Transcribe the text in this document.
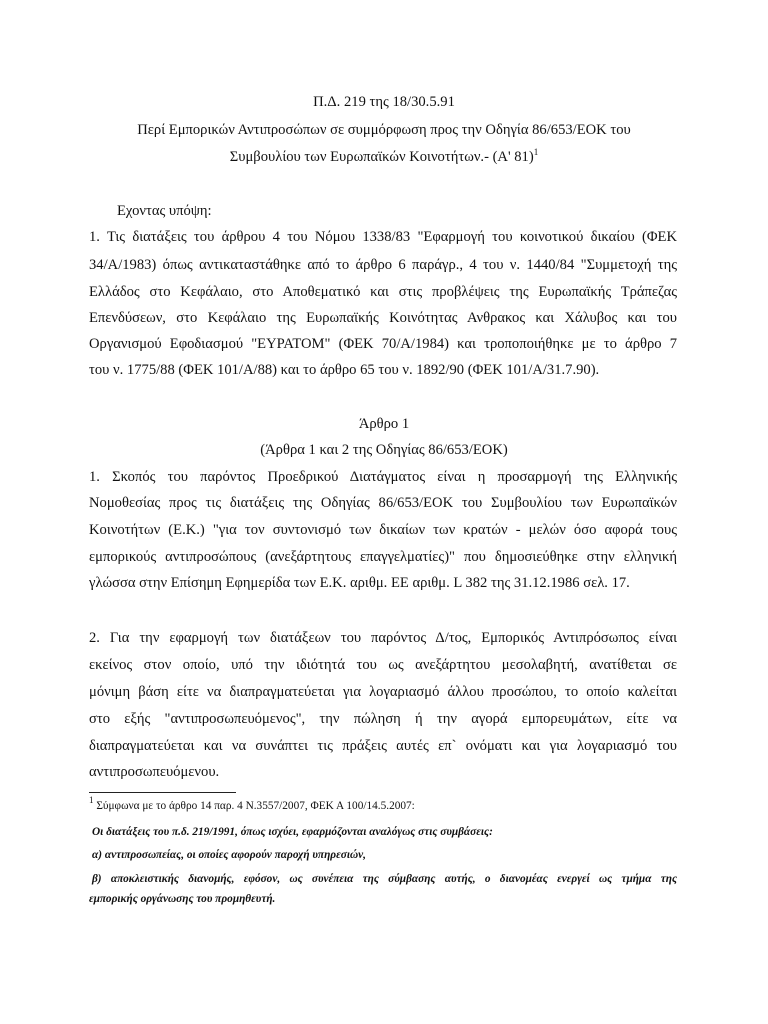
Π.Δ. 219 της 18/30.5.91
Περί Εμπορικών Αντιπροσώπων σε συμμόρφωση προς την Οδηγία 86/653/ΕΟΚ του
Συμβουλίου των Ευρωπαϊκών Κοινοτήτων.- (Α' 81)$^1$
Εχοντας υπόψη:
1. Τις διατάξεις του άρθρου 4 του Νόμου 1338/83 "Εφαρμογή του κοινοτικού δικαίου (ΦΕΚ
34/Α/1983) όπως αντικαταστάθηκε από το άρθρο 6 παράγρ., 4 του ν. 1440/84 "Συμμετοχή της
Ελλάδος στο Κεφάλαιο, στο Αποθεματικό και στις προβλέψεις της Ευρωπαϊκής Τράπεζας
Επενδύσεων, στο Κεφάλαιο της Ευρωπαϊκής Κοινότητας Ανθρακος και Χάλυβος και του
Οργανισμού Εφοδιασμού "ΕΥΡΑΤΟΜ" (ΦΕΚ 70/Α/1984) και τροποποιήθηκε με το άρθρο 7
του ν. 1775/88 (ΦΕΚ 101/Α/88) και το άρθρο 65 του ν. 1892/90 (ΦΕΚ 101/Α/31.7.90).
Άρθρο 1
(Άρθρα 1 και 2 της Οδηγίας 86/653/ΕΟΚ)
1. Σκοπός του παρόντος Προεδρικού Διατάγματος είναι η προσαρμογή της Ελληνικής
Νομοθεσίας προς τις διατάξεις της Οδηγίας 86/653/ΕΟΚ του Συμβουλίου των Ευρωπαϊκών
Κοινοτήτων (Ε.Κ.) "για τον συντονισμό των δικαίων των κρατών - μελών όσο αφορά τους
εμπορικούς αντιπροσώπους (ανεξάρτητους επαγγελματίες)" που δημοσιεύθηκε στην ελληνική
γλώσσα στην Επίσημη Εφημερίδα των Ε.Κ. αριθμ. ΕΕ αριθμ. L 382 της 31.12.1986 σελ. 17.
2. Για την εφαρμογή των διατάξεων του παρόντος Δ/τος, Εμπορικός Αντιπρόσωπος είναι
εκείνος στον οποίο, υπό την ιδιότητά του ως ανεξάρτητου μεσολαβητή, ανατίθεται σε
μόνιμη βάση είτε να διαπραγματεύεται για λογαριασμό άλλου προσώπου, το οποίο καλείται
στο εξής "αντιπροσωπευόμενος", την πώληση ή την αγορά εμπορευμάτων, είτε να
διαπραγματεύεται και να συνάπτει τις πράξεις αυτές επ` ονόματι και για λογαριασμό του
αντιπροσωπευόμενου.
$^1$ Σύμφωνα με το άρθρο 14 παρ. 4 Ν.3557/2007, ΦΕΚ Α 100/14.5.2007:
Οι διατάξεις του π.δ. 219/1991, όπως ισχύει, εφαρμόζονται αναλόγως στις συμβάσεις:
α) αντιπροσωπείας, οι οποίες αφορούν παροχή υπηρεσιών,
β) αποκλειστικής διανομής, εφόσον, ως συνέπεια της σύμβασης αυτής, ο διανομέας ενεργεί ως τμήμα της
εμπορικής οργάνωσης του προμηθευτή.
